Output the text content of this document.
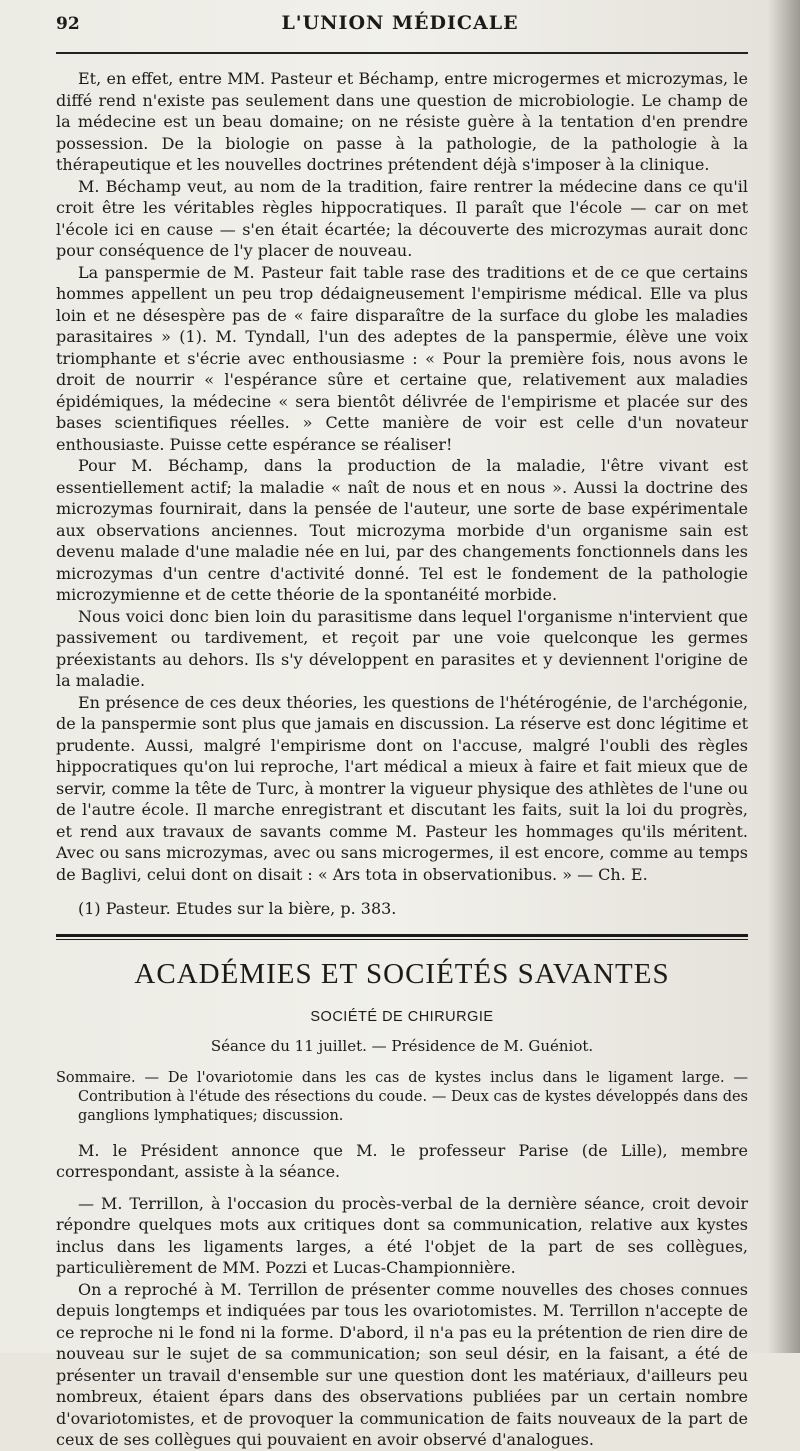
92	L'UNION MÉDICALE

Et, en effet, entre MM. Pasteur et Béchamp, entre microgermes et microzymas, le diffé rend n'existe pas seulement dans une question de microbiologie. Le champ de la médecine est un beau domaine; on ne résiste guère à la tentation d'en prendre possession. De la biologie on passe à la pathologie, de la pathologie à la thérapeutique et les nouvelles doctrines prétendent déjà s'imposer à la clinique.

M. Béchamp veut, au nom de la tradition, faire rentrer la médecine dans ce qu'il croit être les véritables règles hippocratiques. Il paraît que l'école — car on met l'école ici en cause — s'en était écartée; la découverte des microzymas aurait donc pour conséquence de l'y placer de nouveau.

La panspermie de M. Pasteur fait table rase des traditions et de ce que certains hommes appellent un peu trop dédaigneusement l'empirisme médical. Elle va plus loin et ne désespère pas de « faire disparaître de la surface du globe les maladies parasitaires » (1). M. Tyndall, l'un des adeptes de la panspermie, élève une voix triomphante et s'écrie avec enthousiasme : « Pour la première fois, nous avons le droit de nourrir « l'espérance sûre et certaine que, relativement aux maladies épidémiques, la médecine « sera bientôt délivrée de l'empirisme et placée sur des bases scientifiques réelles. » Cette manière de voir est celle d'un novateur enthousiaste. Puisse cette espérance se réaliser!

Pour M. Béchamp, dans la production de la maladie, l'être vivant est essentiellement actif; la maladie « naît de nous et en nous ». Aussi la doctrine des microzymas fournirait, dans la pensée de l'auteur, une sorte de base expérimentale aux observations anciennes. Tout microzyma morbide d'un organisme sain est devenu malade d'une maladie née en lui, par des changements fonctionnels dans les microzymas d'un centre d'activité donné. Tel est le fondement de la pathologie microzymienne et de cette théorie de la spontanéité morbide.

Nous voici donc bien loin du parasitisme dans lequel l'organisme n'intervient que passivement ou tardivement, et reçoit par une voie quelconque les germes préexistants au dehors. Ils s'y développent en parasites et y deviennent l'origine de la maladie.

En présence de ces deux théories, les questions de l'hétérogénie, de l'archégonie, de la panspermie sont plus que jamais en discussion. La réserve est donc légitime et prudente. Aussi, malgré l'empirisme dont on l'accuse, malgré l'oubli des règles hippocratiques qu'on lui reproche, l'art médical a mieux à faire et fait mieux que de servir, comme la tête de Turc, à montrer la vigueur physique des athlètes de l'une ou de l'autre école. Il marche enregistrant et discutant les faits, suit la loi du progrès, et rend aux travaux de savants comme M. Pasteur les hommages qu'ils méritent. Avec ou sans microzymas, avec ou sans microgermes, il est encore, comme au temps de Baglivi, celui dont on disait : « Ars tota in observationibus. » — Ch. E.

(1) Pasteur. Etudes sur la bière, p. 383.

ACADÉMIES ET SOCIÉTÉS SAVANTES
SOCIÉTÉ DE CHIRURGIE
Séance du 11 juillet. — Présidence de M. Guéniot.
Sommaire. — De l'ovariotomie dans les cas de kystes inclus dans le ligament large. — Contribution à l'étude des résections du coude. — Deux cas de kystes développés dans des ganglions lymphatiques; discussion.

M. le Président annonce que M. le professeur Parise (de Lille), membre correspondant, assiste à la séance.

— M. Terrillon, à l'occasion du procès-verbal de la dernière séance, croit devoir répondre quelques mots aux critiques dont sa communication, relative aux kystes inclus dans les ligaments larges, a été l'objet de la part de ses collègues, particulièrement de MM. Pozzi et Lucas-Championnière.

On a reproché à M. Terrillon de présenter comme nouvelles des choses connues depuis longtemps et indiquées par tous les ovariotomistes. M. Terrillon n'accepte de ce reproche ni le fond ni la forme. D'abord, il n'a pas eu la prétention de rien dire de nouveau sur le sujet de sa communication; son seul désir, en la faisant, a été de présenter un travail d'ensemble sur une question dont les matériaux, d'ailleurs peu nombreux, étaient épars dans des observations publiées par un certain nombre d'ovariotomistes, et de provoquer la communication de faits nouveaux de la part de ceux de ses collègues qui pouvaient en avoir observé d'analogues.
